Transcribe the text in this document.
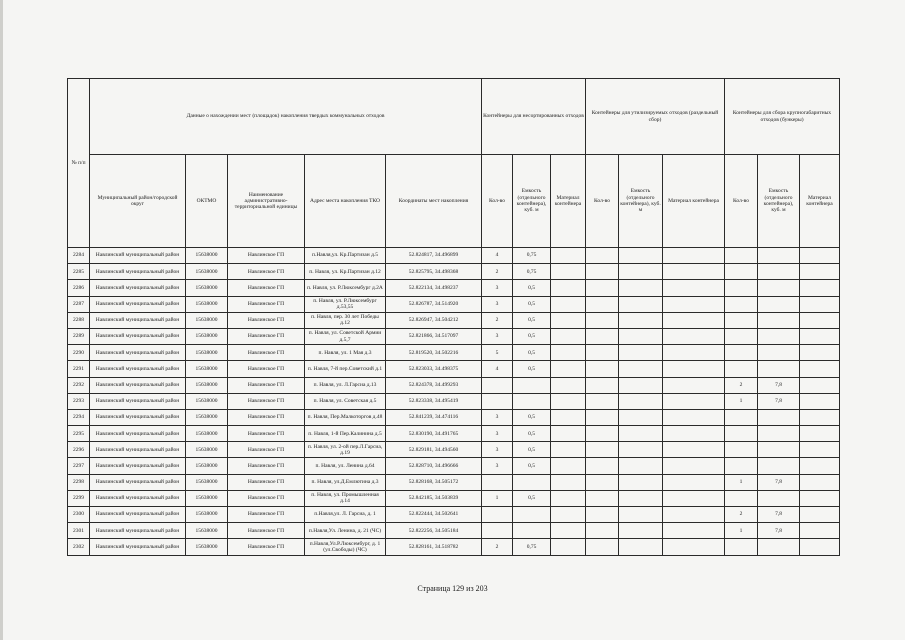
№ п/п	Данные о нахождении мест (площадок) накопления твердых коммунальных отходов					Контейнеры для несортированных отходов			Контейнеры для утилизируемых отходов (раздельный сбор)			Контейнеры для сбора крупногабаритных отходов (бункеры)		
	Муниципальный район/городской округ	ОКТМО	Наименование административно-территориальной единицы	Адрес места накопления ТКО	Координаты мест накопления	Кол-во	Емкость (отдельного контейнера), куб. м	Материал контейнера	Кол-во	Емкость (отдельного контейнера), куб. м	Материал контейнера	Кол-во	Емкость (отдельного контейнера), куб. м	Материал контейнера
2284	Навлинский муниципальный район	15638000	Навлинское ГП	п.Навля,ул. Кр.Партизан д.5	52.824817, 34.496899	4	0,75							
2285	Навлинский муниципальный район	15638000	Навлинское ГП	п. Навля, ул. Кр.Партизан д.12	52.825795, 34.498368	2	0,75							
2286	Навлинский муниципальный район	15638000	Навлинское ГП	п. Навля, ул. Р.Люксембург д.2А	52.822134, 34.498237	3	0,5							
2287	Навлинский муниципальный район	15638000	Навлинское ГП	п. Навля, ул. Р.Люксембург д.53,55	52.826787, 34.514920	3	0,5							
2288	Навлинский муниципальный район	15638000	Навлинское ГП	п. Навля, пер. 30 лет Победы д.12	52.826947, 34.504212	2	0,5							
2289	Навлинский муниципальный район	15638000	Навлинское ГП	п. Навля, ул. Советской Армии д.5,7	52.821866, 34.517097	3	0,5							
2290	Навлинский муниципальный район	15638000	Навлинское ГП	п. Навля, ул. 1 Мая д.3	52.819520, 34.502216	5	0,5							
2291	Навлинский муниципальный район	15638000	Навлинское ГП	п. Навля, 7-й пер.Советский д.1	52.823033, 34.498375	4	0,5							
2292	Навлинский муниципальный район	15638000	Навлинское ГП	п. Навля, ул. Л.Гарсиа д.13	52.824378, 34.499293							2	7,8	
2293	Навлинский муниципальный район	15638000	Навлинское ГП	п. Навля, ул. Советская д.5	52.823338, 34.495419							1	7,8	
2294	Навлинский муниципальный район	15638000	Навлинское ГП	п. Навля, Пер.Малкоторгов д.48	52.841239, 34.474116	3	0,5							
2295	Навлинский муниципальный район	15638000	Навлинское ГП	п. Навля, 1-й Пер.Калинина д.5	52.830190, 34.491765	3	0,5							
2296	Навлинский муниципальный район	15638000	Навлинское ГП	п. Навля, ул. 2-ой пер.Л.Гарсиа, д.19	52.829181, 34.494560	3	0,5							
2297	Навлинский муниципальный район	15638000	Навлинское ГП	п. Навля, ул. Ленина д.64	52.828710, 34.496666	3	0,5							
2298	Навлинский муниципальный район	15638000	Навлинское ГП	п. Навля, ул.Д.Емлютина д.3	52.828168, 34.505172							1	7,8	
2299	Навлинский муниципальный район	15638000	Навлинское ГП	п. Навля, ул. Промышленная д.14	52.842185, 34.503839	1	0,5							
2300	Навлинский муниципальный район	15638000	Навлинское ГП	п.Навля,ул. Л. Гарсиа, д. 1	52.822444, 34.502641							2	7,8	
2301	Навлинский муниципальный район	15638000	Навлинское ГП	п.Навля,Ул. Ленина, д. 21 (ЧС)	52.822256, 34.505184							1	7,8	
2302	Навлинский муниципальный район	15638000	Навлинское ГП	п.Навля,Ул.Р.Люксембург, д. 1 (ул.Свободы) (ЧС)	52.828161, 34.518782	2	0,75							
Страница 129 из 203
